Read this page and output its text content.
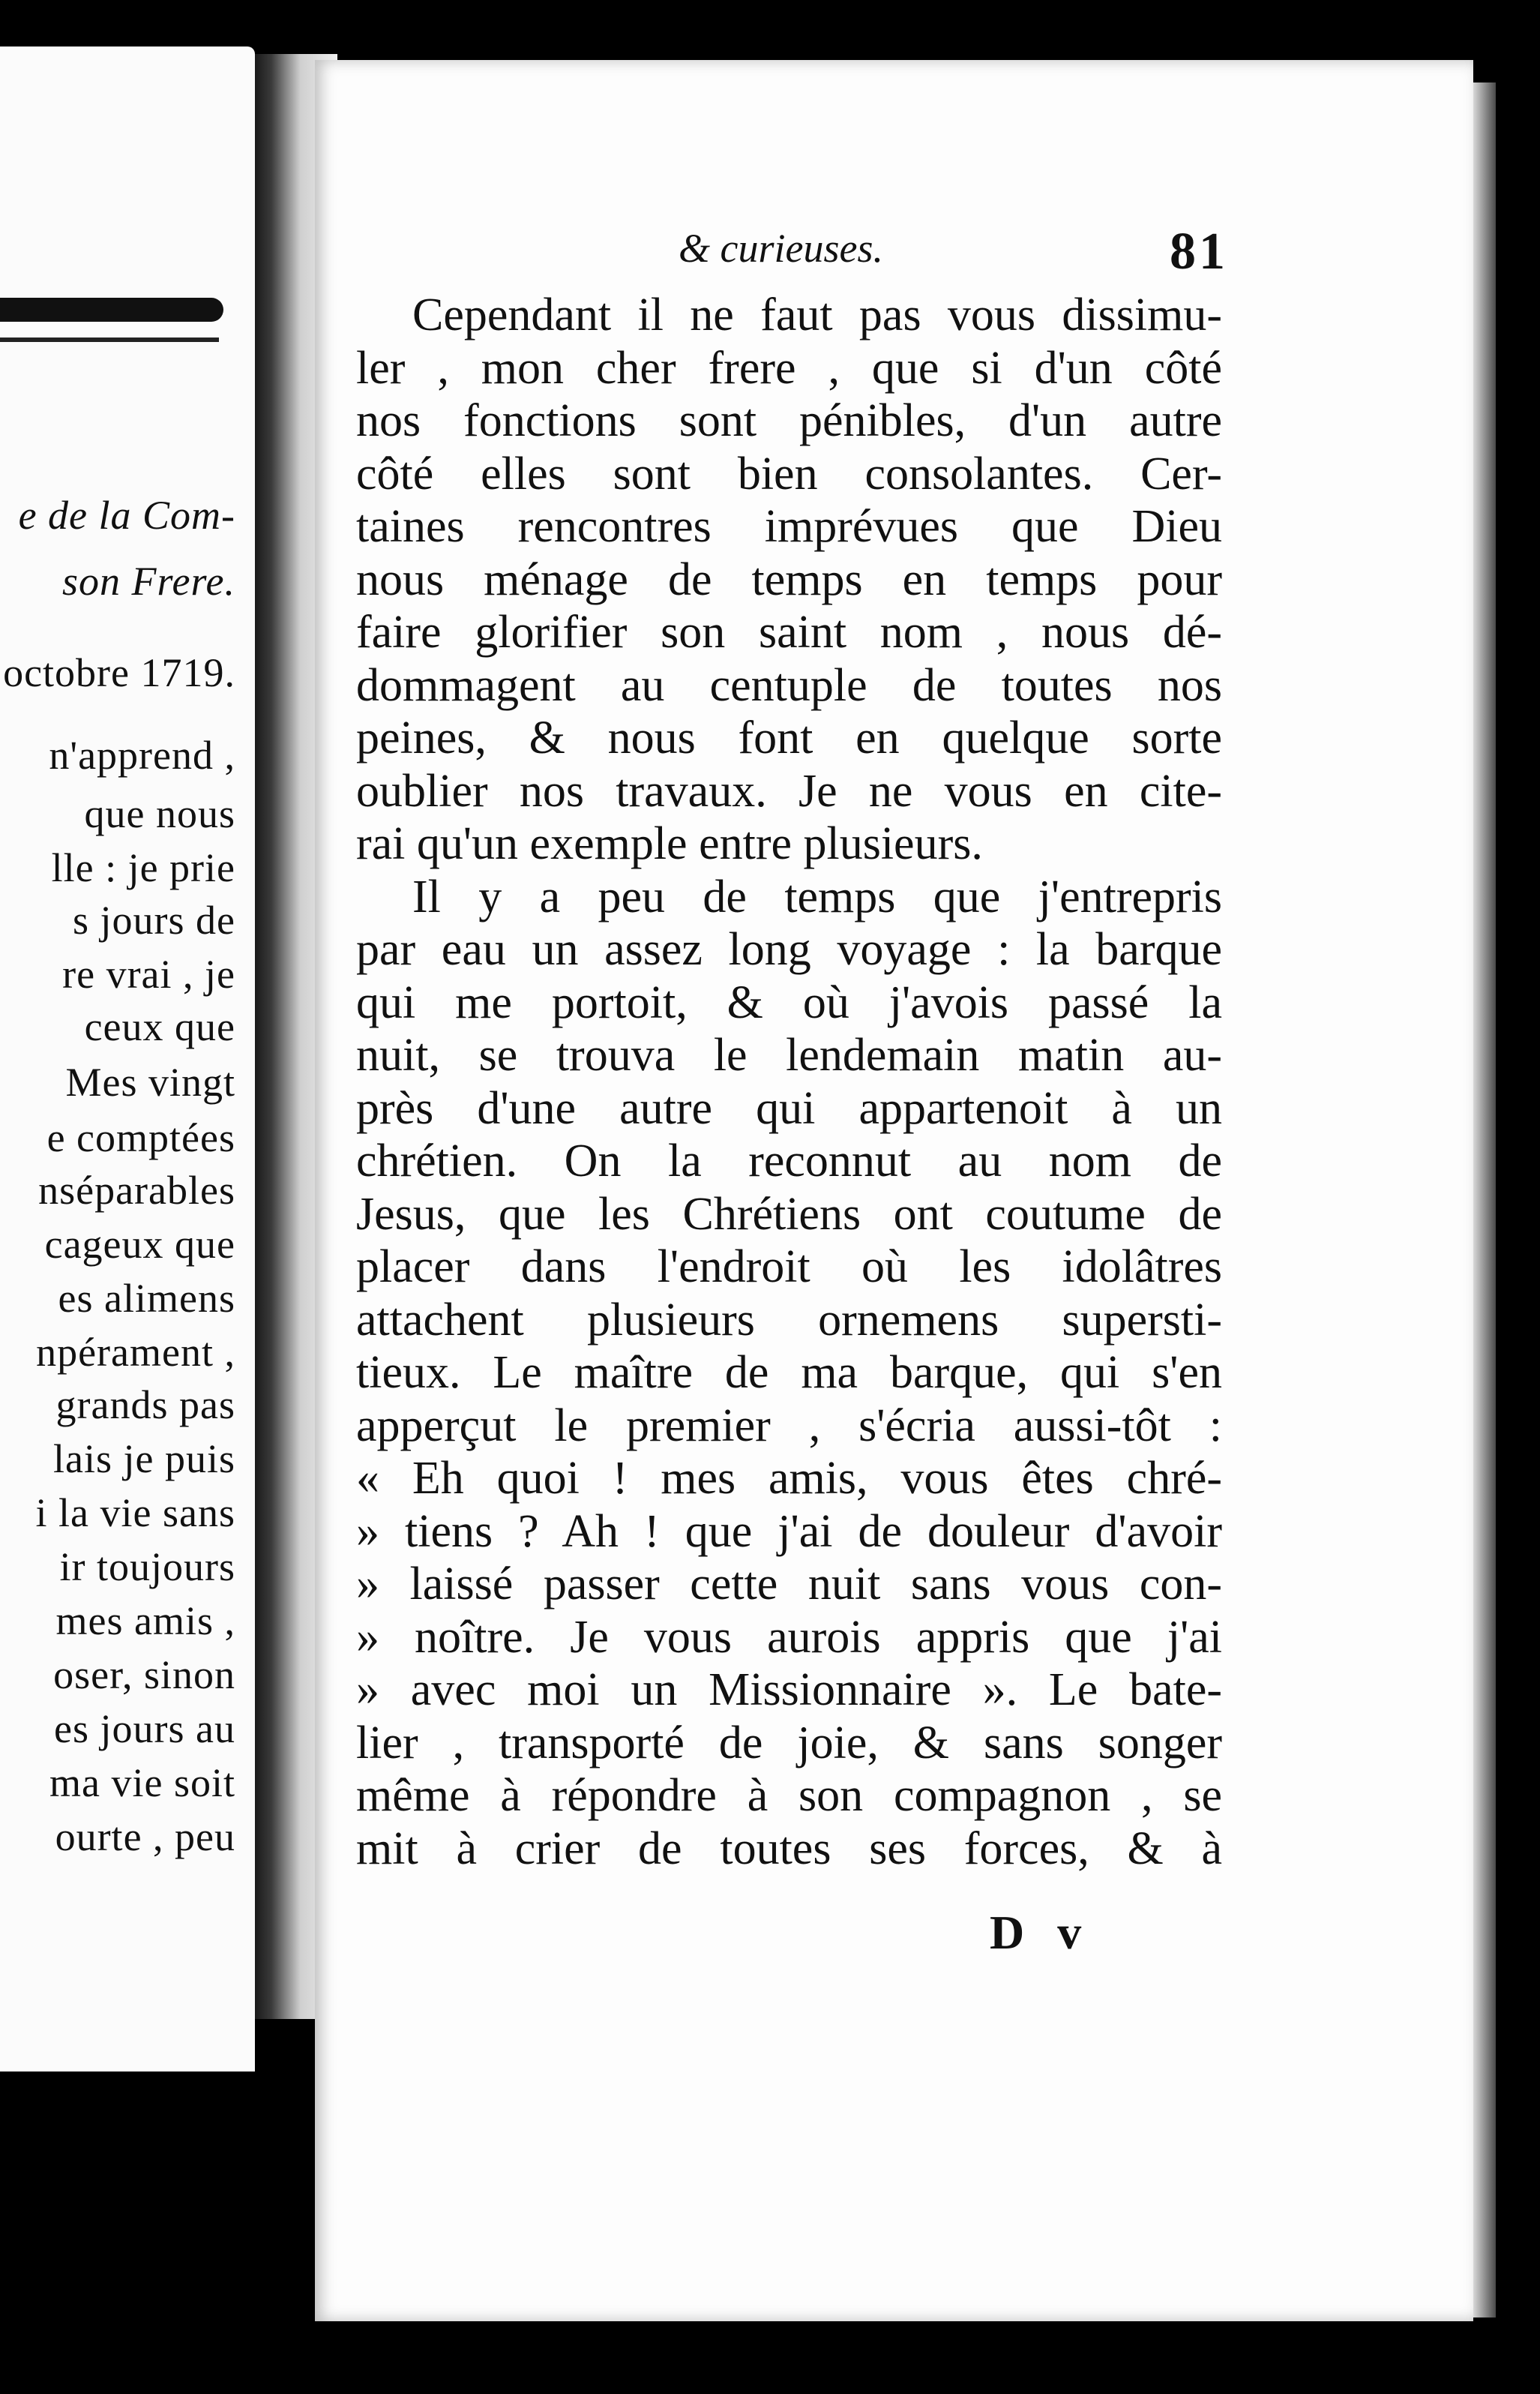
e de la Com-
son Frere.
octobre 1719.
n'apprend ,
que nous
lle : je prie
s jours de
re vrai , je
ceux que
Mes vingt
e comptées
nséparables
cageux que
es alimens
npérament ,
grands pas
lais je puis
i la vie sans
ir toujours
mes amis ,
oser, sinon
es jours au
ma vie soit
ourte , peu
& curieuses.	81
Cependant il ne faut pas vous dissimu-
ler , mon cher frere , que si d'un côté
nos fonctions sont pénibles, d'un autre
côté elles sont bien consolantes. Cer-
taines rencontres imprévues que Dieu
nous ménage de temps en temps pour
faire glorifier son saint nom , nous dé-
dommagent au centuple de toutes nos
peines, & nous font en quelque sorte
oublier nos travaux. Je ne vous en cite-
rai qu'un exemple entre plusieurs.
Il y a peu de temps que j'entrepris
par eau un assez long voyage : la barque
qui me portoit, & où j'avois passé la
nuit, se trouva le lendemain matin au-
près d'une autre qui appartenoit à un
chrétien. On la reconnut au nom de
Jesus, que les Chrétiens ont coutume de
placer dans l'endroit où les idolâtres
attachent plusieurs ornemens supersti-
tieux. Le maître de ma barque, qui s'en
apperçut le premier , s'écria aussi-tôt :
« Eh quoi ! mes amis, vous êtes chré-
» tiens ? Ah ! que j'ai de douleur d'avoir
» laissé passer cette nuit sans vous con-
» noître. Je vous aurois appris que j'ai
» avec moi un Missionnaire ». Le bate-
lier , transporté de joie, & sans songer
même à répondre à son compagnon , se
mit à crier de toutes ses forces, & à
D v
